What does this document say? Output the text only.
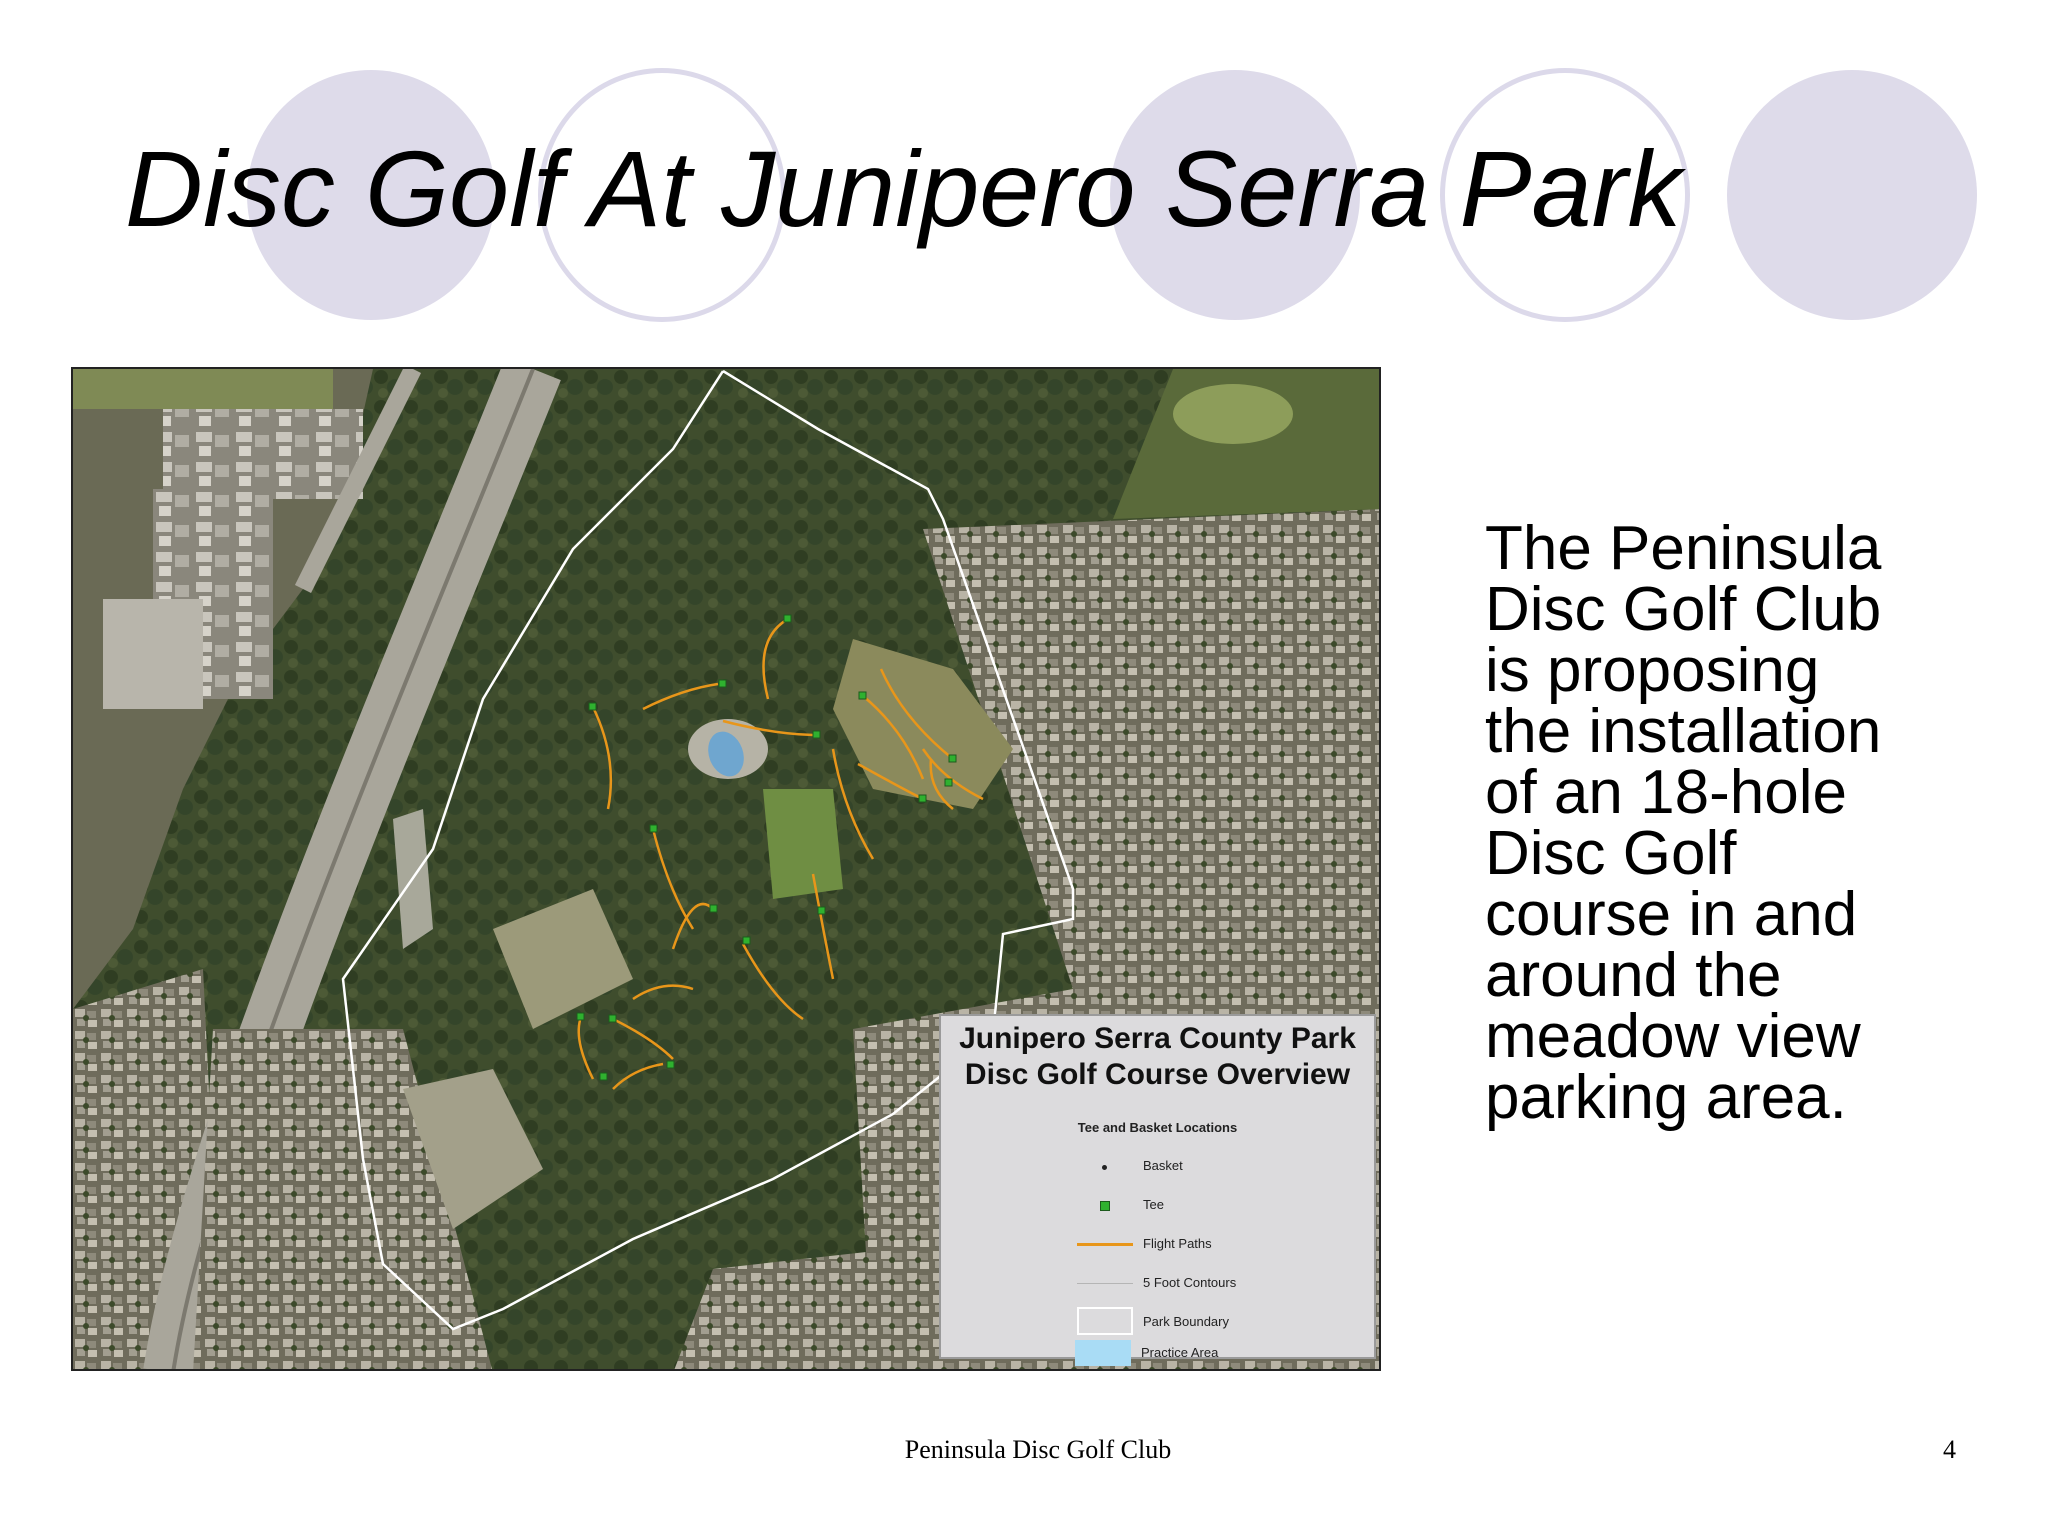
Disc Golf At Junipero Serra Park
Junipero Serra County Park
Disc Golf Course Overview
Tee and Basket Locations
Basket
Tee
Flight Paths
5 Foot Contours
Park Boundary
Practice Area
The Peninsula
Disc Golf Club
is proposing
the installation
of an 18-hole
Disc Golf
course in and
around the
meadow view
parking area.
Peninsula Disc Golf Club	4
